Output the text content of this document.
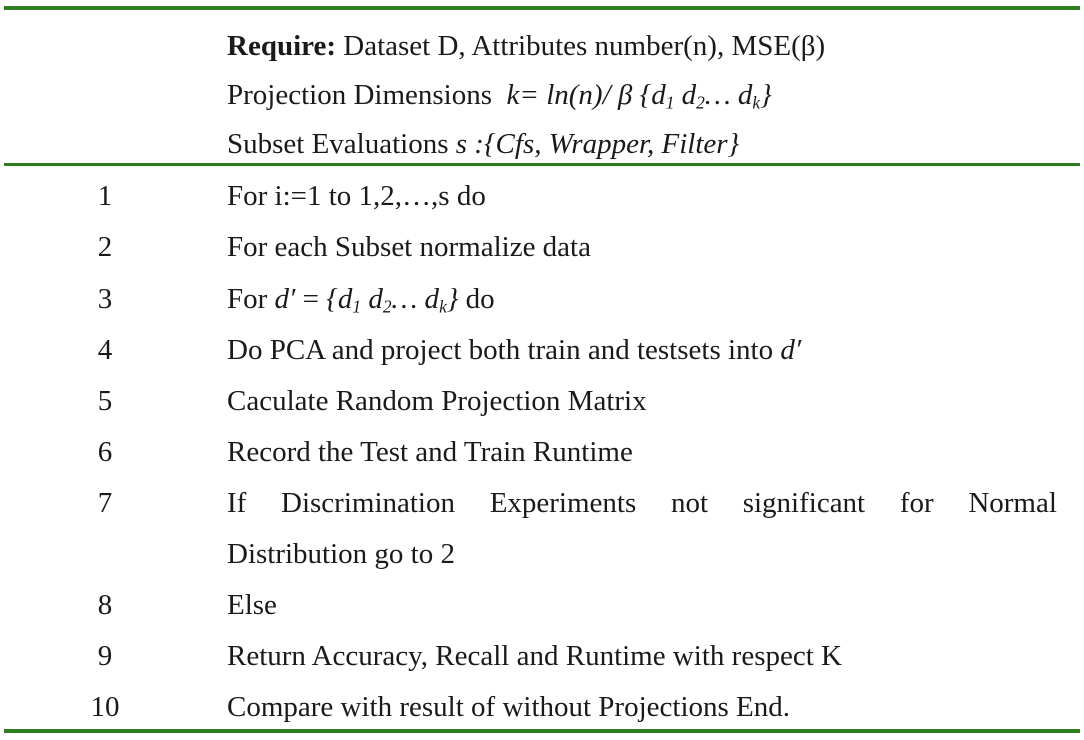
Require: Dataset D, Attributes number(n), MSE(β)
Projection Dimensions k= ln(n)/ β {$d_1$ $d_2\dots$ $d_k$}
Subset Evaluations s :{Cfs, Wrapper, Filter}
1	For i:=1 to 1,2,…,s do
2	For each Subset normalize data
3	For $d' = \{d_1$ $d_2\dots$ $d_k$} do
4	Do PCA and project both train and testsets into d′
5	Caculate Random Projection Matrix
6	Record the Test and Train Runtime
7	If Discrimination Experiments not significant for Normal
Distribution go to 2
8	Else
9	Return Accuracy, Recall and Runtime with respect K
10	Compare with result of without Projections End.
